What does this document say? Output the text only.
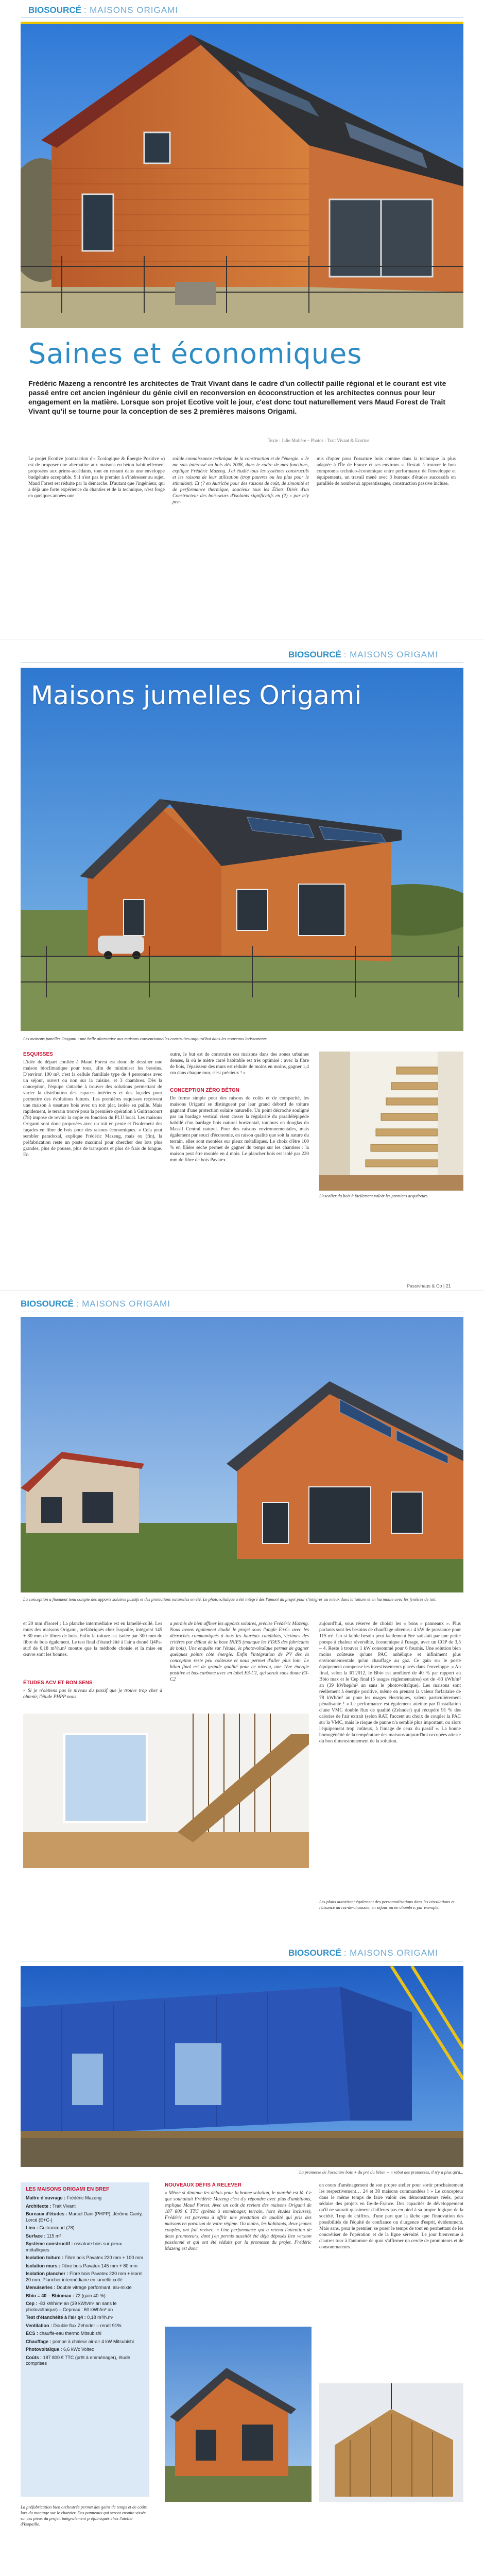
BIOSOURCÉ : MAISONS ORIGAMI
Saines et économiques
Frédéric Mazeng a rencontré les architectes de Trait Vivant dans le cadre d'un collectif paille régional et le courant est vite passé entre cet ancien ingénieur du génie civil en reconversion en écoconstruction et les architectes connus pour leur engagement en la matière. Lorsque son projet Ecotive voit le jour, c'est donc tout naturellement vers Maud Forest de Trait Vivant qu'il se tourne pour la conception de ses 2 premières maisons Origami.
Texte : Julie Molière – Photos : Trait Vivant & Ecotive
Le projet Ecotive (contraction d'« Écologique & Énergie Positive ») est de proposer une alternative aux maisons en béton habituellement proposées aux primo-accédants, tout en restant dans une enveloppe budgétaire acceptable. S'il n'est pas le premier à s'intéresser au sujet, Maud Forest est réduite par la démarche. D'autant que l'ingénieur, qui a déjà une forte expérience du chantier et de la technique, n'est forgé en quelques années une
solide connaissance technique de la construction et de l'énergie. « Je me suis intéressé au bois dès 2008, dans le cadre de mes fonctions, explique Frédéric Mazeng. J'ai étudié tous les systèmes constructifs et les raisons de leur utilisation (trop pauvres ou les plus pour le stimulant). Et (? en Autriche pour des raisons de coût, de simonité et de performance thermique, soucieux tous les Éliots Dirés d'un Constructeur des bois-seurs d'isolants significatifs en (?) « par m'y pen-
mis d'opter pour l'ossature bois comme dans la technique la plus adaptée à l'Île de France et ses environs ». Restait à trouver le bon compromis technico-économique entre performance de l'enveloppe et équipements, un travail mené avec 3 bureaux d'études successifs en parallèle de nombreux apprentissages, construction passive incluse.
BIOSOURCÉ : MAISONS ORIGAMI
Maisons jumelles Origami
Les maisons jumelles Origami : une belle alternative aux maisons conventionnelles construites aujourd'hui dans les nouveaux lotissements.
ESQUISSES
L'idée de départ confiée à Maud Forest est donc de dessiner une maison bioclimatique pour tous, afin de minimiser les besoins. D'environ 100 m², c'est la cellule familiale type de 4 personnes avec un séjour, ouvert ou non sur la cuisine, et 3 chambres. Dès la conception, l'équipe s'attache à trouver des solutions permettant de varier la distribution des espaces intérieurs et des façades pour permettre des évolutions futures. Les premières esquisses reçoivent une maison à ossature bois avec un toit plat, isolée en paille. Mais rapidement, le terrain trouvé pour la première opération à Guitrancourt (78) impose de revoir la copie en fonction du PLU local. Les maisons Origami sont donc proposées avec un toit en pente et l'isolement des façades en fibre de bois pour des raisons économiques. « Cela peut sembler paradoxal, explique Frédéric Mazeng, mais ou (fin), la préfabrication reste un poste maximal pour chercher des lots plus grandes, plus de pousse, plus de transports et plus de frais de longue. En
outre, le but est de construire ces maisons dans des zones urbaines denses, là où le mètre carré habitable est très optimisé : avec la fibre de bois, l'épaisseur des murs est réduite de moins en moins, gagner 1,4 cm dans chaque mur, c'est précieux ! »
CONCEPTION ZÉRO BÉTON
De forme simple pour des raisons de coûts et de compacité, les maisons Origami se distinguent par leur grand débord de toiture gagnant d'une protection solaire naturelle. Un point décroché souligné par un bardage vertical vient casser la régularité du parallélépipède habillé d'un bardage bois naturel horizontal, toujours en douglas du Massif Central naturel. Pour des raisons environnementales, mais également par souci d'économie, en raison qualité que soit la nature du terrain, elles sont montées sur pieux métalliques. Le choix d'être 100 % en filière sèche permet de gagner du temps sur les chantiers : la maison peut être montée en 4 mois. Le plancher bois est isolé par 220 mm de fibre de bois Pavatex
L'escalier du bois à facilement valoir les premiers acquéreurs.
Passivhaus & Co | 21
BIOSOURCÉ : MAISONS ORIGAMI
La conception a finement tenu compte des apports solaires passifs et des protections naturelles en été. Le photovoltaïque a été intégré dès l'amont du projet pour s'intégrer au mieux dans la toiture et en harmonie avec les fenêtres de toit.
et 20 mm d'isorel ; La planche intermédiaire est en lamellé-collé. Les murs des maisons Origami, préfabriqués chez Isopaille, intègrent 145 + 80 mm de fibres de bois. Enfin la toiture est isolée par 300 mm de fibre de bois également. Le test final d'étanchéité à l'air a donné Q4Pa-surf de 0,18 m³/h.m² montre que la méthode choisie et la mise en œuvre sont les bonnes.
ÉTUDES ACV ET BON SENS
« Si je n'obtiens pas le niveau du passif que je trouve trop cher à obtenir, l'étude PHPP nous
a permis de bien affiner les apports solaires, précise Frédéric Mazeng. Nous avons également étudié le projet sous l'angle E+C- avec les décrochés communiqués à tous les lauréats candidats, victimes des critères par défaut de la base INIES (manque les FDES des fabricants de bois). Une enquête sur l'étude, le photovoltaïque permet de gagner quelques points côté énergie. Enfin l'intégration de PV dès la conception reste peu coûteuse et nous permet d'aller plus loin. Le bilan final est de grande qualité pour ce niveau, une 1ère énergie positive et bas-carbone avec en label E3-C1, qui serait sans doute E3-C2
aujourd'hui, sous réserve de choisir les « bons » panneaux ». Plus parlants sont les besoins de chauffage obtenus : 4 kW de puissance pour 115 m². Un si faible besoin peut facilement être satisfait par une petite pompe à chaleur réversible, économique à l'usage, avec un COP de 3,5 – 4. Reste à trouver 1 kW consommé pour 6 fournis. Une solution bien moins coûteuse qu'une PAC anhêlique et infiniment plus environnementale qu'un chauffage au gaz. Ce gain sur le poste équipement compense les investissements placés dans l'enveloppe. » Au final, selon la RT2012, le Bbio est amélioré de 40 % par rapport au Bbio max et le Cep final (5 usages réglementaires) est de -83 kWh/m² an (39 kWhep/m² an sans le photovoltaïque). Les maisons sont réellement à énergie positive, même en prenant la valeur forfaitaire de 78 kWh/m² an pour les usages électriques, valeur particulièrement pénalisante ! « Le performance est également atteinte par l'installation d'une VMC double flux de qualité (Zehnder) qui récupère 91 % des calories de l'air extrait (selon RAT, l'accent au choix de coupler la PAC sur la VMC, mais le risque de panne n'a semblé plus important, ou alors l'équipement trop coûteux, à l'image de ceux du passif ». La bonne homogénéité de la température des maisons aujourd'hui occupées atteste du bon dimensionnement de la solution.
Les plans autorisent également des personnalisations dans les circulations et l'aisance au rez-de-chaussée, en séjour ou en chambre, par exemple.
BIOSOURCÉ : MAISONS ORIGAMI
La promesse de l'ossature bois + du pré du béton + « rebut des promesses, il n'y a plus qu'à...
LES MAISONS ORIGAMI EN BREF
Maître d'ouvrage : Frédéric Mazeng
Architecte : Trait Vivant
Bureaux d'études : Marcel Dani (PHPP), Jérôme Canty, Lorcé (E+C-)
Lieu : Guitrancourt (78)
Surface : 115 m²
Système constructif : ossature bois sur pieux métalliques
Isolation toiture : Fibre bois Pavatex 220 mm + 100 mm
Isolation murs : Fibre bois Pavatex 145 mm + 80 mm
Isolation plancher : Fibre bois Pavatex 220 mm + isorel 20 mm. Plancher intermédiaire en lamellé-collé
Menuiseries : Double vitrage performant, alu-mixte
Bbio = 40 – Bbiomax : 72 (gain 40 %)
Cep : -83 kWh/m² an (39 kWh/m² an sans le photovoltaïque) – Cepmax : 60 kWh/m² an
Test d'étanchéité à l'air q4 : 0,18 m³/h.m²
Ventilation : Double flux Zehnder – rendt 91%
ECS : chauffe-eau thermo Mitsubishi
Chauffage : pompe à chaleur air-air 4 kW Mitsubishi
Photovoltaïque : 6,6 kWc Voltec
Coûts : 187 800 € TTC (prêt à emménager), étude comprises
NOUVEAUX DÉFIS À RELEVER
« Même si diminue les délais pour la bonne solution, le marché est là. Ce que souhaitait Frédéric Mazeng c'est d'y répondre avec plus d'ambitions, explique Maud Forest. Avec un coût de revient des maisons Origami de 187 800 € TTC (prêtes à emménager, terrain, hors études incluses), Frédéric est parvenu à offrir une prestation de qualité qui pris des maisons en paraison de votre régime. Ou moins, les habitants, deux jeunes couples, ont fait revivre. « Une performance qui a retenu l'attention de deux promoteurs, dont j'en permis aussitôt été déjà déposés lien version passionné et qui ont été séduits par la promesse du projet. Frédéric Mazeng est donc
en cours d'aménagement de son propre atelier pour sortir prochainement les respectivement… 24 et 38 maisons commandées ! » Le concepteur dans le même temps de faire valoir ces démonstrateurs réels, pour séduire des projets en Ile-de-France. Des capacités de développement qu'il ne saurait quasiment d'ailleurs pas en pied à sa propre logique de la société. Trop de chiffres, d'une part que la tâche que l'innovation des possibilités de l'équité de confiance ou d'urgence d'esprit, évidemment. Mais sans, pour le premier, se poser le temps de tout en permettant de les concrétiser de l'opération et de la ligne sérénité. Le jour bienvenue à d'autres tour à l'automne de quoi s'affirmer un cercle de promoteurs et de consommateurs.
La préfabrication bien orchestrée permet des gains de temps et de coûts lors du montage sur le chantier. Des panneaux qui seront ensuite vissés sur les pieux du projet, intégralement préfabriqués chez l'atelier d'Isopaille.
